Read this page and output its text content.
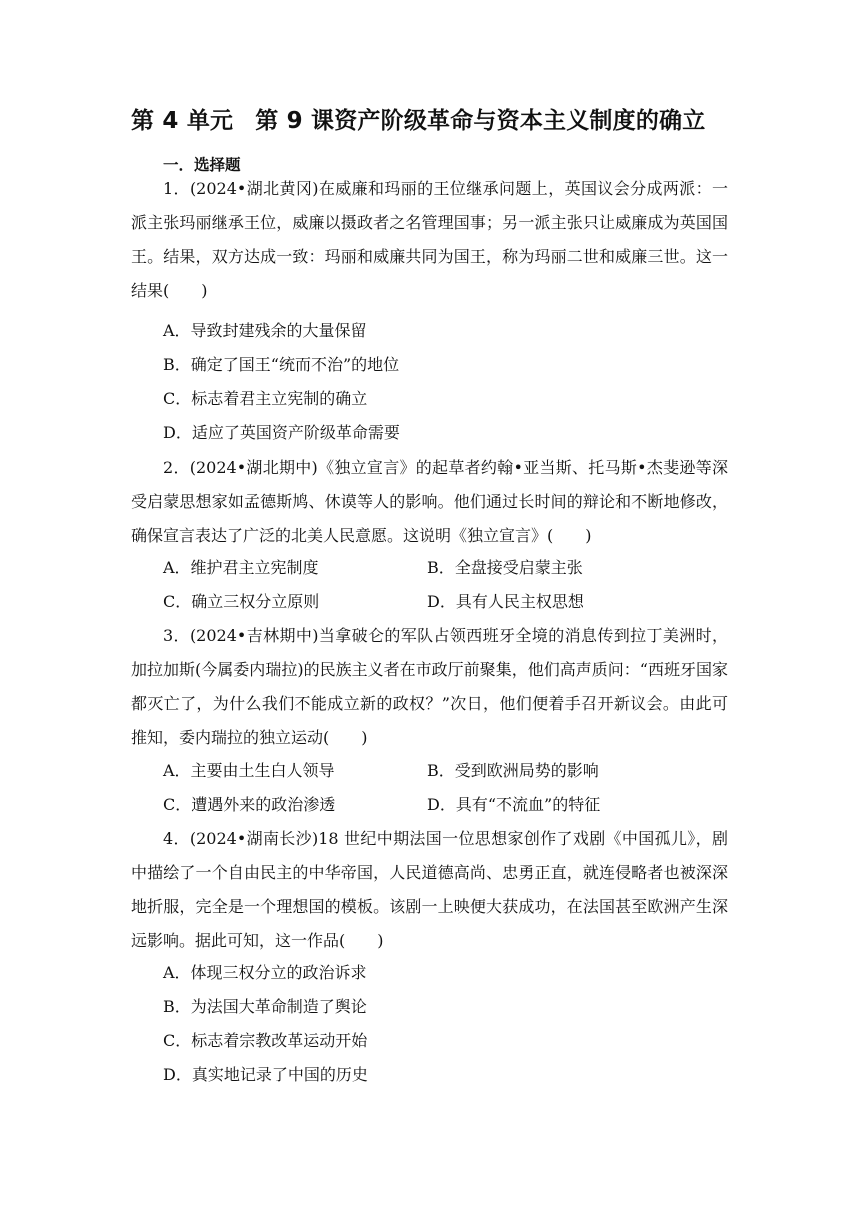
第 4 单元 第 9 课资产阶级革命与资本主义制度的确立
一．选择题

1．(2024•湖北黄冈)在威廉和玛丽的王位继承问题上，英国议会分成两派：一派主张玛丽继承王位，威廉以摄政者之名管理国事；另一派主张只让威廉成为英国国王。结果，双方达成一致：玛丽和威廉共同为国王，称为玛丽二世和威廉三世。这一结果(　　)

A．导致封建残余的大量保留
B．确定了国王“统而不治”的地位
C．标志着君主立宪制的确立
D．适应了英国资产阶级革命需要

2．(2024•湖北期中)《独立宣言》的起草者约翰•亚当斯、托马斯•杰斐逊等深受启蒙思想家如孟德斯鸠、休谟等人的影响。他们通过长时间的辩论和不断地修改，确保宣言表达了广泛的北美人民意愿。这说明《独立宣言》(　　)

A．维护君主立宪制度	B．全盘接受启蒙主张
C．确立三权分立原则	D．具有人民主权思想

3．(2024•吉林期中)当拿破仑的军队占领西班牙全境的消息传到拉丁美洲时，加拉加斯(今属委内瑞拉)的民族主义者在市政厅前聚集，他们高声质问：“西班牙国家都灭亡了，为什么我们不能成立新的政权？”次日，他们便着手召开新议会。由此可推知，委内瑞拉的独立运动(　　)

A．主要由土生白人领导	B．受到欧洲局势的影响
C．遭遇外来的政治渗透	D．具有“不流血”的特征

4．(2024•湖南长沙)18 世纪中期法国一位思想家创作了戏剧《中国孤儿》，剧中描绘了一个自由民主的中华帝国，人民道德高尚、忠勇正直，就连侵略者也被深深地折服，完全是一个理想国的模板。该剧一上映便大获成功，在法国甚至欧洲产生深远影响。据此可知，这一作品(　　)

A．体现三权分立的政治诉求
B．为法国大革命制造了舆论
C．标志着宗教改革运动开始
D．真实地记录了中国的历史
